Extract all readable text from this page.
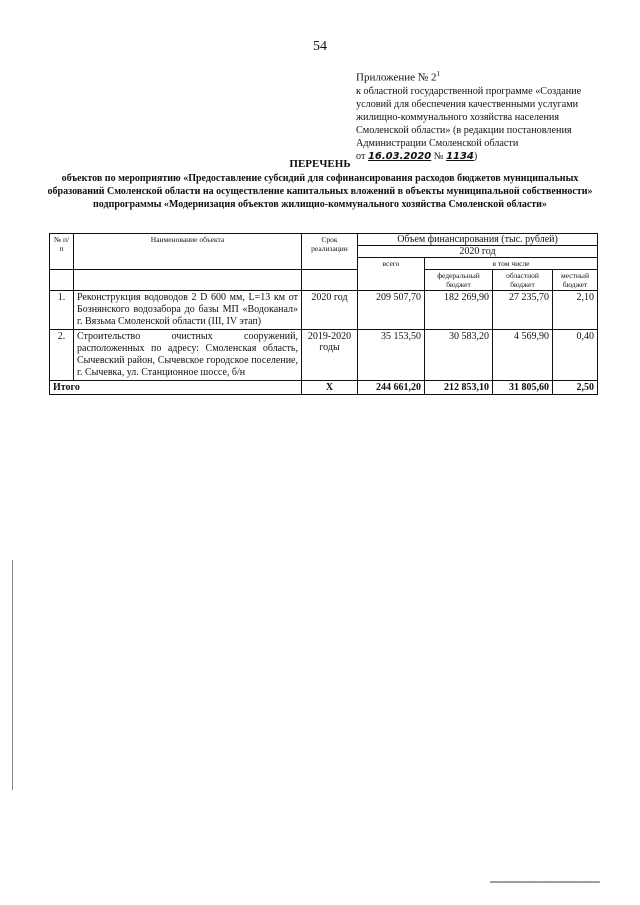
54
Приложение № $2^1$
к областной государственной программе «Создание
условий для обеспечения качественными услугами
жилищно-коммунального хозяйства населения
Смоленской области» (в редакции постановления
Администрации Смоленской области
от 16.03.2020 № 1134)
ПЕРЕЧЕНЬ
объектов по мероприятию «Предоставление субсидий для софинансирования расходов бюджетов муниципальных
образований Смоленской области на осуществление капитальных вложений в объекты муниципальной собственности»
подпрограммы «Модернизация объектов жилищно-коммунального хозяйства Смоленской области»
№ п/п	Наименование объекта	Срок реализации	Объем финансирования (тыс. рублей)			
			2020 год			
			всего	в том числе		
				федеральный бюджет	областной бюджет	местный бюджет
1.	Реконструкция водоводов 2 D 600 мм, L=13 км от Бознянского водозабора до базы МП «Водоканал» г. Вязьма Смоленской области (III, IV этап)	2020 год	209 507,70	182 269,90	27 235,70	2,10
2.	Строительство очистных сооружений, расположенных по адресу: Смоленская область, Сычевский район, Сычевское городское поселение, г. Сычевка, ул. Станционное шоссе, б/н	2019-2020 годы	35 153,50	30 583,20	4 569,90	0,40
Итого		Х	244 661,20	212 853,10	31 805,60	2,50
